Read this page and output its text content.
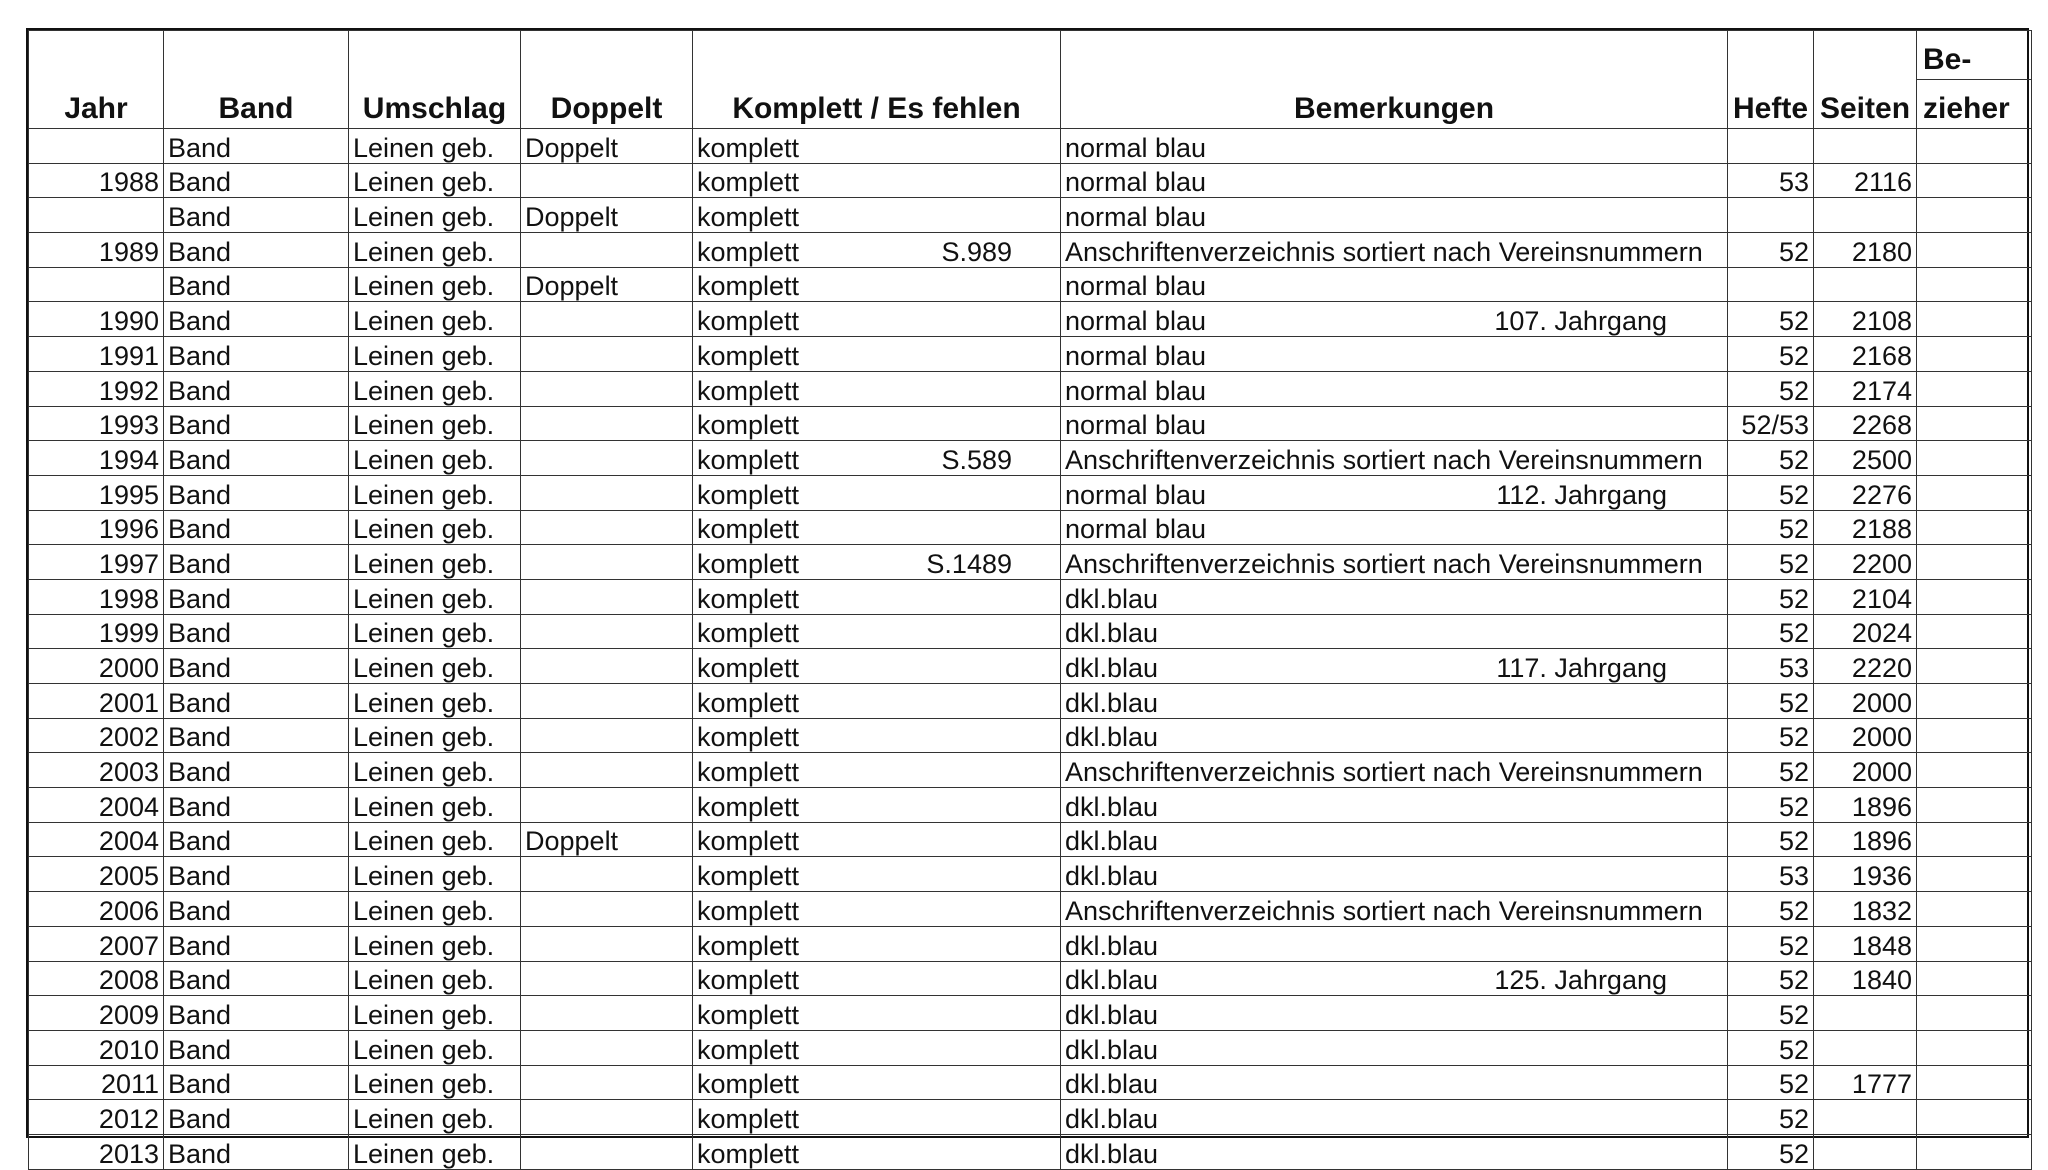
								Be-
Jahr	Band	Umschlag	Doppelt	Komplett / Es fehlen	Bemerkungen	Hefte	Seiten	zieher
	Band	Leinen geb.	Doppelt	komplett	normal blau			

1988	Band	Leinen geb.		komplett	normal blau	53	2116	
	Band	Leinen geb.	Doppelt	komplett	normal blau			

1989	Band	Leinen geb.		komplett S.989	Anschriftenverzeichnis sortiert nach Vereinsnummern	52	2180	
	Band	Leinen geb.	Doppelt	komplett	normal blau			

1990	Band	Leinen geb.		komplett	normal blau 107. Jahrgang	52	2108	
1991	Band	Leinen geb.		komplett	normal blau	52	2168	
1992	Band	Leinen geb.		komplett	normal blau	52	2174	
1993	Band	Leinen geb.		komplett	normal blau	52/53	2268	
1994	Band	Leinen geb.		komplett S.589	Anschriftenverzeichnis sortiert nach Vereinsnummern	52	2500	
1995	Band	Leinen geb.		komplett	normal blau 112. Jahrgang	52	2276	
1996	Band	Leinen geb.		komplett	normal blau	52	2188	
1997	Band	Leinen geb.		komplett S.1489	Anschriftenverzeichnis sortiert nach Vereinsnummern	52	2200	
1998	Band	Leinen geb.		komplett	dkl.blau	52	2104	
1999	Band	Leinen geb.		komplett	dkl.blau	52	2024	
2000	Band	Leinen geb.		komplett	dkl.blau 117. Jahrgang	53	2220	
2001	Band	Leinen geb.		komplett	dkl.blau	52	2000	
2002	Band	Leinen geb.		komplett	dkl.blau	52	2000	
2003	Band	Leinen geb.		komplett	Anschriftenverzeichnis sortiert nach Vereinsnummern	52	2000	
2004	Band	Leinen geb.		komplett	dkl.blau	52	1896	
2004	Band	Leinen geb.	Doppelt	komplett	dkl.blau	52	1896	
2005	Band	Leinen geb.		komplett	dkl.blau	53	1936	
2006	Band	Leinen geb.		komplett	Anschriftenverzeichnis sortiert nach Vereinsnummern	52	1832	
2007	Band	Leinen geb.		komplett	dkl.blau	52	1848	
2008	Band	Leinen geb.		komplett	dkl.blau 125. Jahrgang	52	1840	
2009	Band	Leinen geb.		komplett	dkl.blau	52		
2010	Band	Leinen geb.		komplett	dkl.blau	52		
2011	Band	Leinen geb.		komplett	dkl.blau	52	1777	
2012	Band	Leinen geb.		komplett	dkl.blau	52		
2013	Band	Leinen geb.		komplett	dkl.blau	52		
